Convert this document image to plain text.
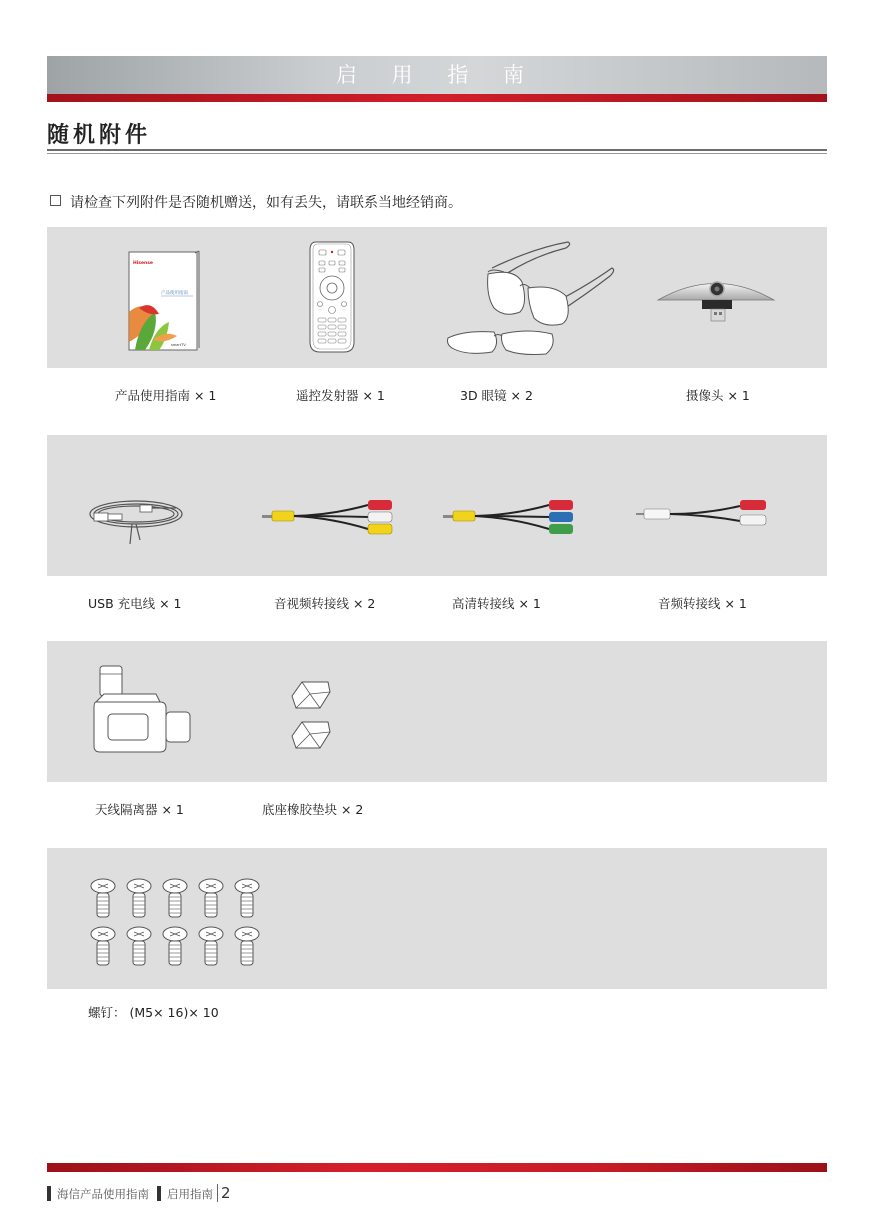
启 用 指 南
随机附件
请检查下列附件是否随机赠送，如有丢失，请联系当地经销商。
Hisense
产品使用指南
smartTV
产品使用指南 × 1	遥控发射器 × 1	3D 眼镜 × 2	摄像头 × 1
USB 充电线 × 1	音视频转接线 × 2	高清转接线 × 1	音频转接线 × 1
天线隔离器 × 1	底座橡胶垫块 × 2
螺钉： (M5× 16)× 10
海信产品使用指南 启用指南 2
